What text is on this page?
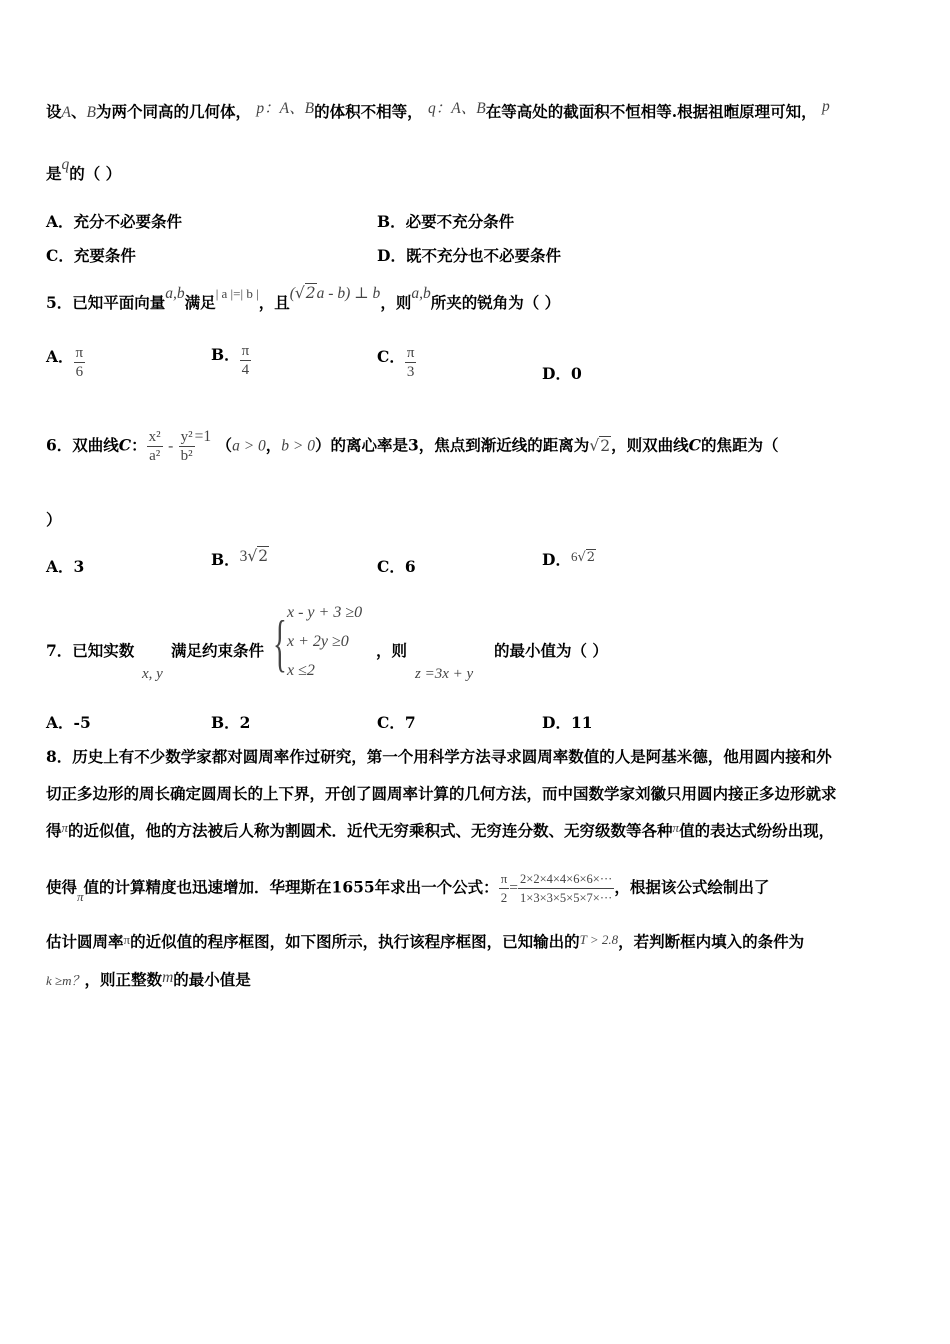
设A、B为两个同高的几何体， p：A、B的体积不相等， q：A、B在等高处的截面积不恒相等.根据祖暅原理可知， p
是q的（ ）
A．充分不必要条件	B．必要不充分条件
C．充要条件	D．既不充分也不必要条件
5．已知平面向量a,b满足$^{| a |=| b |}$，且(√2a - b) ⊥ b，则a,b所夹的锐角为（ ）
A． $\frac{\pi}{6}$	B． $\frac{\pi}{4}$	C． $\frac{\pi}{3}$	D．0
6．双曲线C： $\frac{\text{x²}}{\text{a²}} - \frac{\text{y²}}{\text{b²}} =1$ （a > 0，b > 0）的离心率是3，焦点到渐近线的距离为√2，则双曲线C的焦距为（
）
A．3	B．3√2
C．6	D．$^{6√2}$
7．已知实数
x, y
满足约束条件 { x - y + 3 ≥0
x + 2y ≥0
x ≤2
，则
z =3x + y
的最小值为（ ）
A．-5	B．2	C．7	D．11
8．历史上有不少数学家都对圆周率作过研究，第一个用科学方法寻求圆周率数值的人是阿基米德，他用圆内接和外
切正多边形的周长确定圆周长的上下界，开创了圆周率计算的几何方法，而中国数学家刘徽只用圆内接正多边形就求
得$^\pi$的近似值，他的方法被后人称为割圆术．近代无穷乘积式、无穷连分数、无穷级数等各种$^\pi$值的表达式纷纷出现，
使得$_\pi$值的计算精度也迅速增加．华理斯在1655年求出一个公式： $\frac{\pi}{2} = \frac{2\times 2\times 4\times 4\times 6\times 6\times\cdot\cdot\cdot}{1\times 3\times 3\times 5\times 5\times 7\times\cdot\cdot\cdot}$ ，根据该公式绘制出了
估计圆周率π的近似值的程序框图，如下图所示，执行该程序框图，已知输出的T > 2.8，若判断框内填入的条件为
k ≥m？，则正整数m的最小值是
